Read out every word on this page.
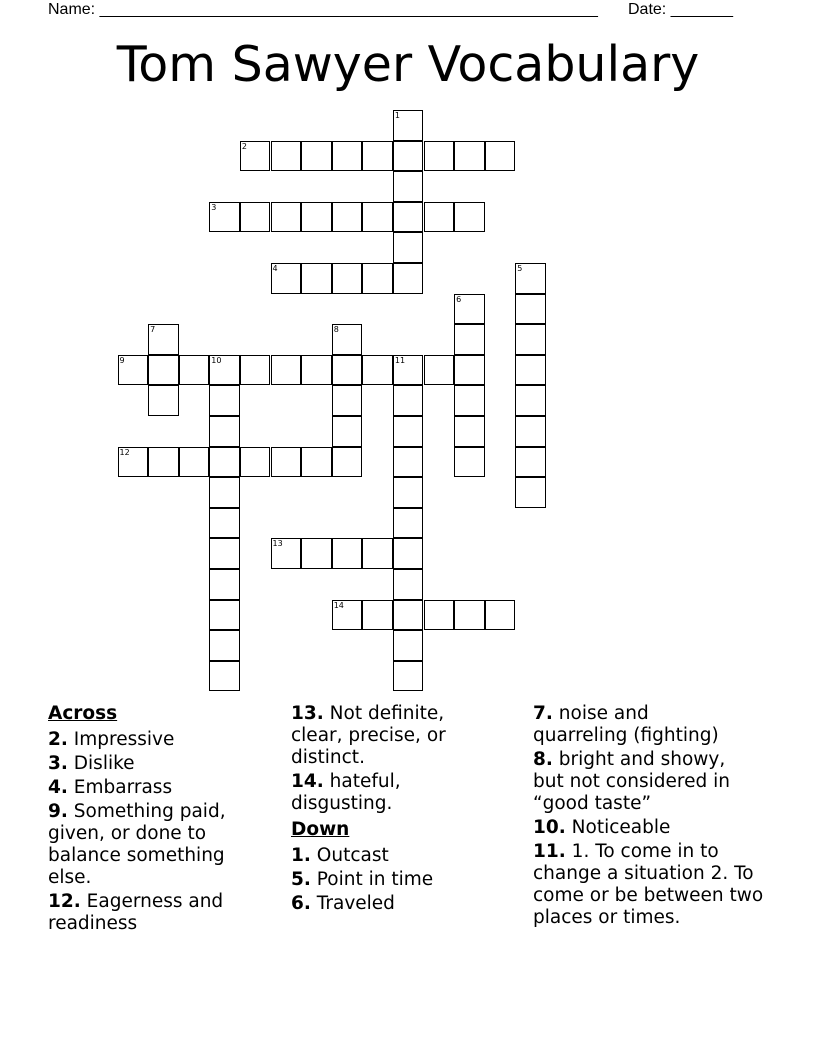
Name: ________________________________________________________ Date: _______
Tom Sawyer Vocabulary
1
2
3
4	5
6
7	8
9	10	11
12
13
14
Across
2. Impressive
3. Dislike
4. Embarrass
9. Something paid, given, or done to balance something else.
12. Eagerness and readiness
13. Not definite, clear, precise, or distinct.
14. hateful, disgusting.
Down
1. Outcast
5. Point in time
6. Traveled
7. noise and quarreling (fighting)
8. bright and showy, but not considered in “good taste”
10. Noticeable
11. 1. To come in to change a situation 2. To come or be between two places or times.
